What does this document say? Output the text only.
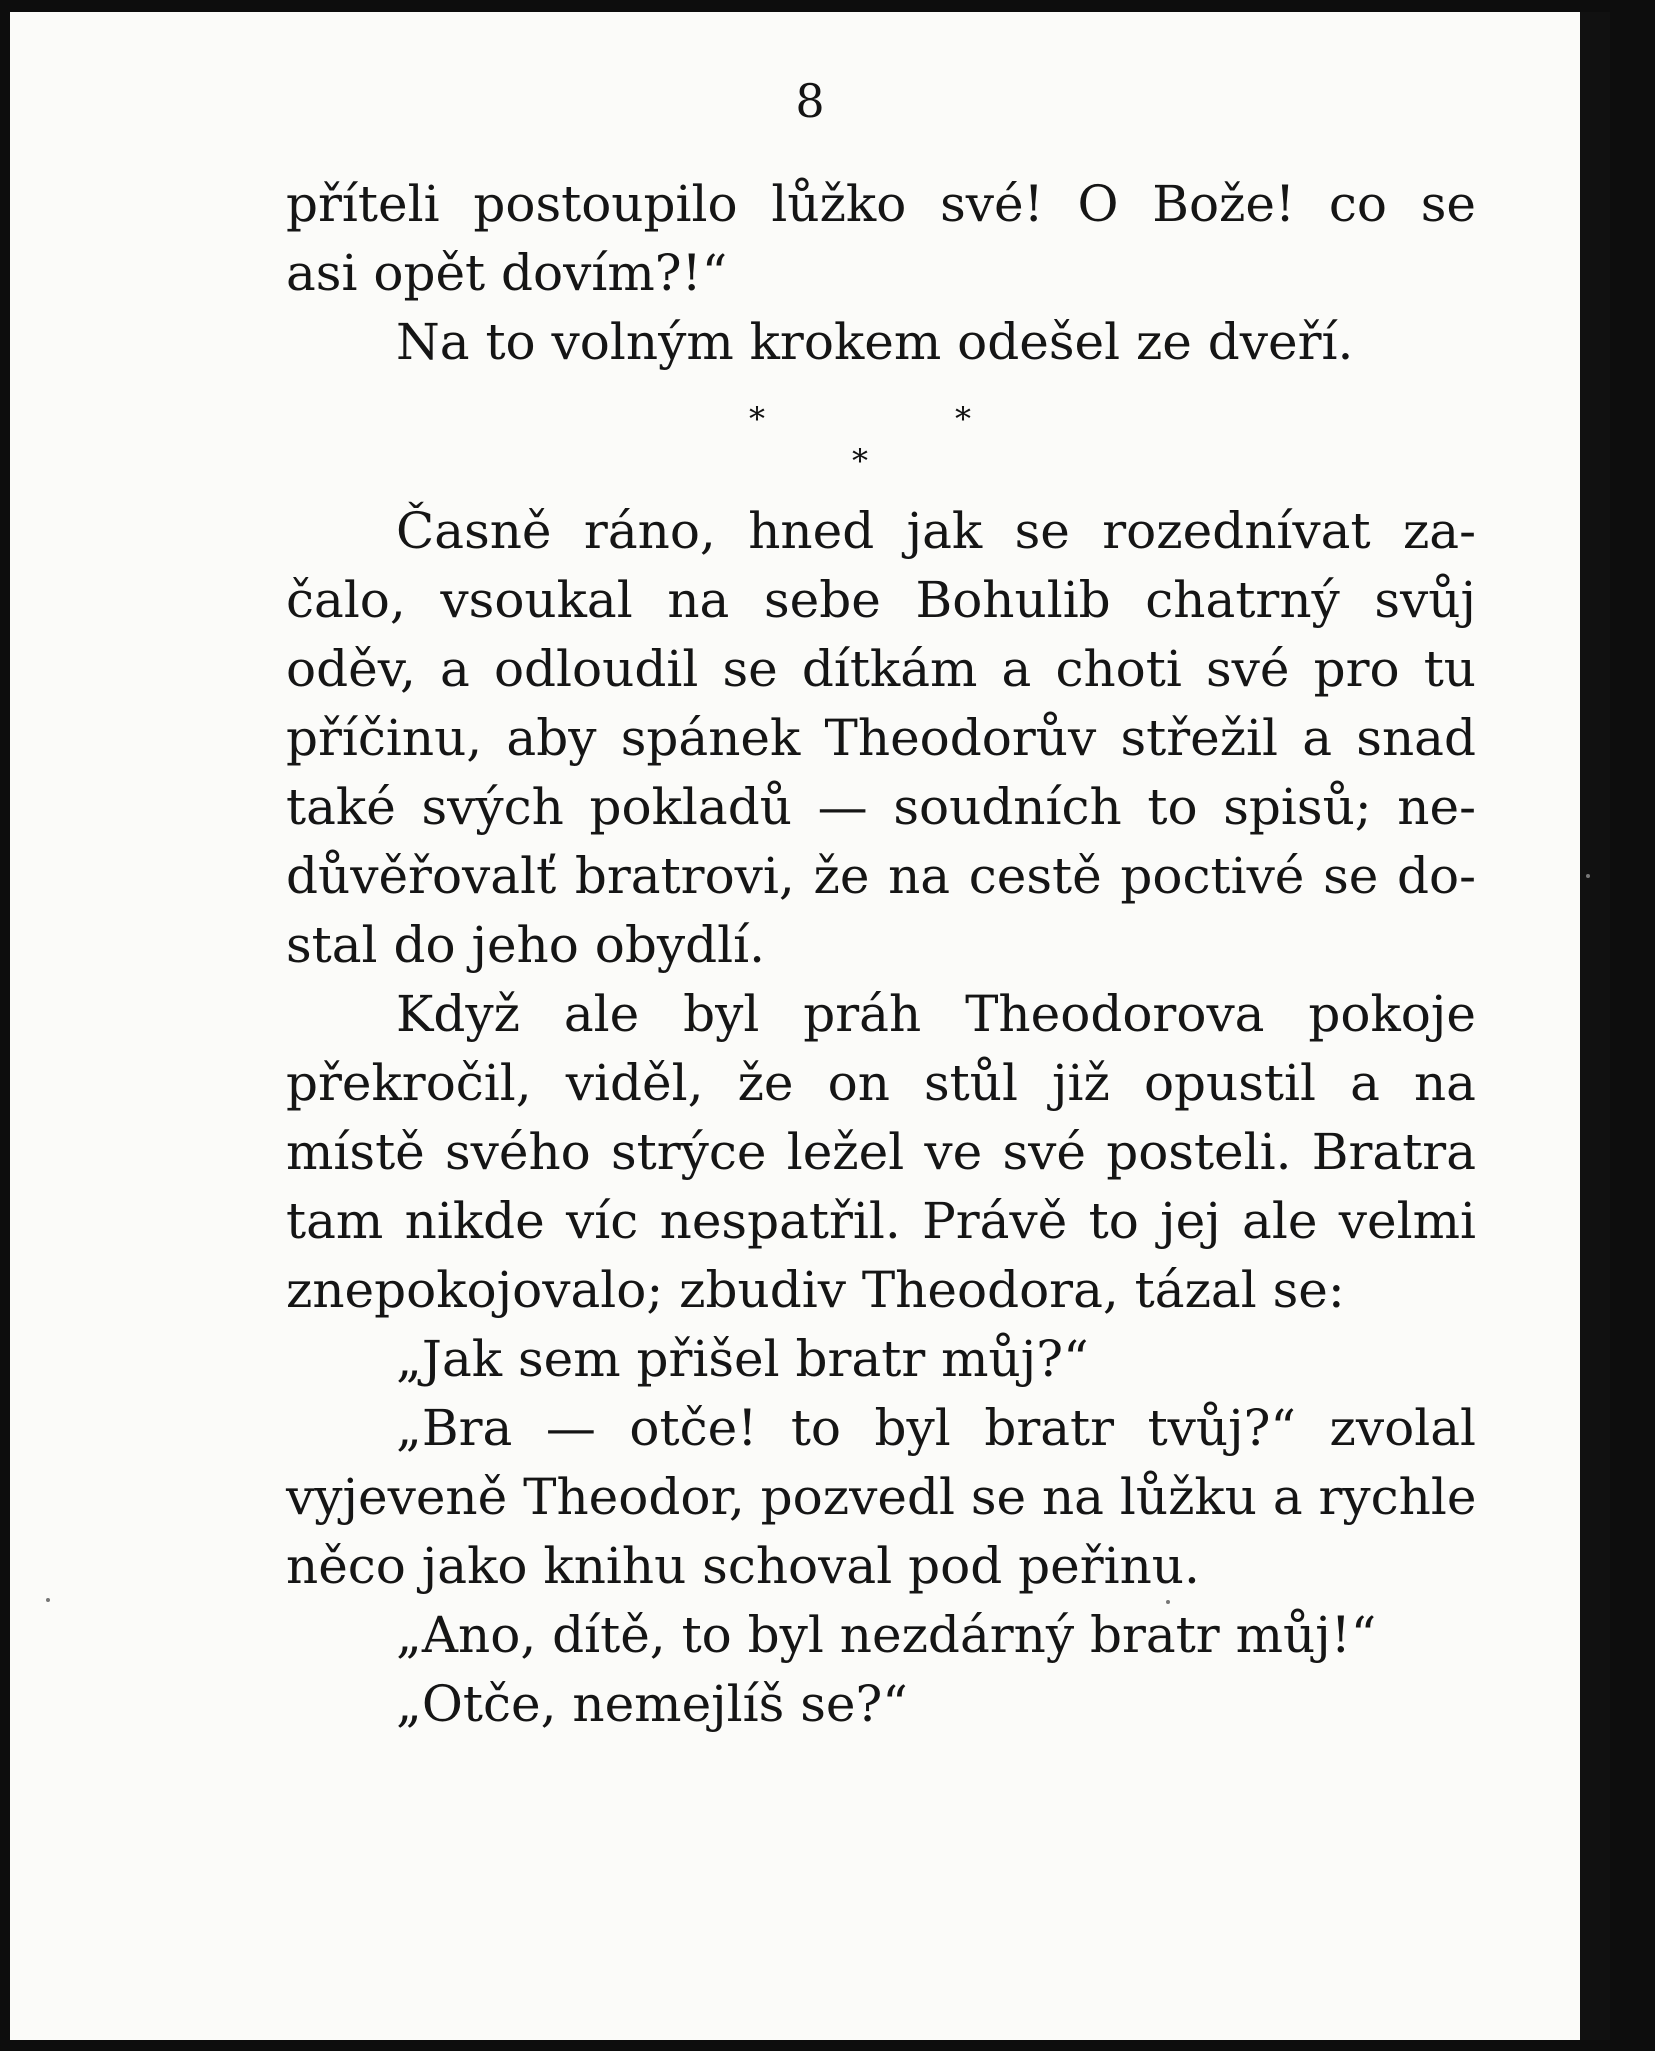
8
příteli postoupilo lůžko své! O Bože! co se
asi opět dovím?!“
Na to volným krokem odešel ze dveří.
*	*
*
Časně ráno, hned jak se rozednívat za-
čalo, vsoukal na sebe Bohulib chatrný svůj
oděv, a odloudil se dítkám a choti své pro tu
příčinu, aby spánek Theodorův střežil a snad
také svých pokladů — soudních to spisů; ne-
důvěřovalť bratrovi, že na cestě poctivé se do-
stal do jeho obydlí.
Když ale byl práh Theodorova pokoje
překročil, viděl, že on stůl již opustil a na
místě svého strýce ležel ve své posteli. Bratra
tam nikde víc nespatřil. Právě to jej ale velmi
znepokojovalo; zbudiv Theodora, tázal se:
„Jak sem přišel bratr můj?“
„Bra — otče! to byl bratr tvůj?“ zvolal
vyjeveně Theodor, pozvedl se na lůžku a rychle
něco jako knihu schoval pod peřinu.
„Ano, dítě, to byl nezdárný bratr můj!“
„Otče, nemejlíš se?“
